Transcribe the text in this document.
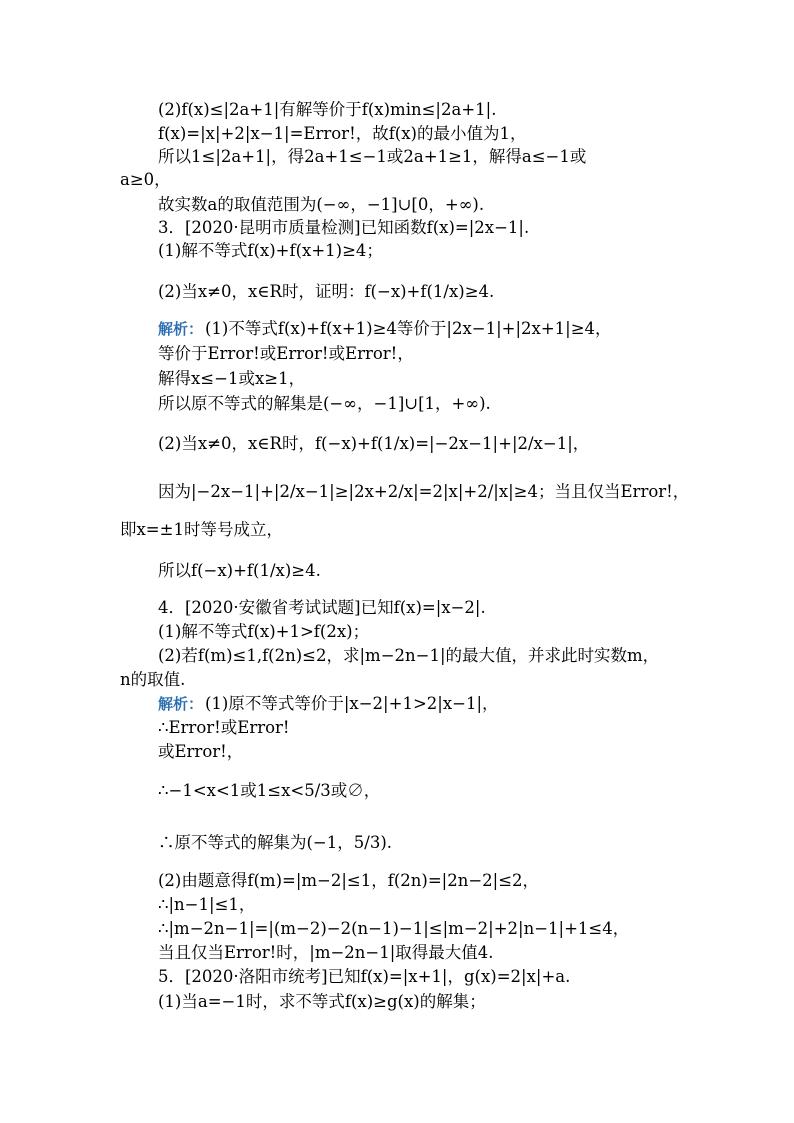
(2)f(x)≤|2a+1|有解等价于f(x)min≤|2a+1|.
f(x)=|x|+2|x−1|=Error!，故f(x)的最小值为1，
所以1≤|2a+1|，得2a+1≤−1或2a+1≥1，解得a≤−1或
a≥0，
故实数a的取值范围为(−∞，−1]∪[0，+∞).
3．[2020·昆明市质量检测]已知函数f(x)=|2x−1|.
(1)解不等式f(x)+f(x+1)≥4；
(2)当x≠0，x∈R时，证明：f(−x)+f(1/x)≥4.
解析： (1)不等式f(x)+f(x+1)≥4等价于|2x−1|+|2x+1|≥4，
等价于Error!或Error!或Error!，
解得x≤−1或x≥1，
所以原不等式的解集是(−∞，−1]∪[1，+∞).
(2)当x≠0，x∈R时，f(−x)+f(1/x)=|−2x−1|+|2/x−1|，
因为|−2x−1|+|2/x−1|≥|2x+2/x|=2|x|+2/|x|≥4；当且仅当Error!，
即x=±1时等号成立，
所以f(−x)+f(1/x)≥4.
4．[2020·安徽省考试试题]已知f(x)=|x−2|.
(1)解不等式f(x)+1>f(2x)；
(2)若f(m)≤1,f(2n)≤2，求|m−2n−1|的最大值，并求此时实数m，
n的取值.
解析： (1)原不等式等价于|x−2|+1>2|x−1|，
∴Error!或Error!
或Error!，
∴−1<x<1或1≤x<5/3或∅，
∴原不等式的解集为(−1，5/3).
(2)由题意得f(m)=|m−2|≤1，f(2n)=|2n−2|≤2，
∴|n−1|≤1，
∴|m−2n−1|=|(m−2)−2(n−1)−1|≤|m−2|+2|n−1|+1≤4，
当且仅当Error!时，|m−2n−1|取得最大值4.
5．[2020·洛阳市统考]已知f(x)=|x+1|，g(x)=2|x|+a.
(1)当a=−1时，求不等式f(x)≥g(x)的解集；
